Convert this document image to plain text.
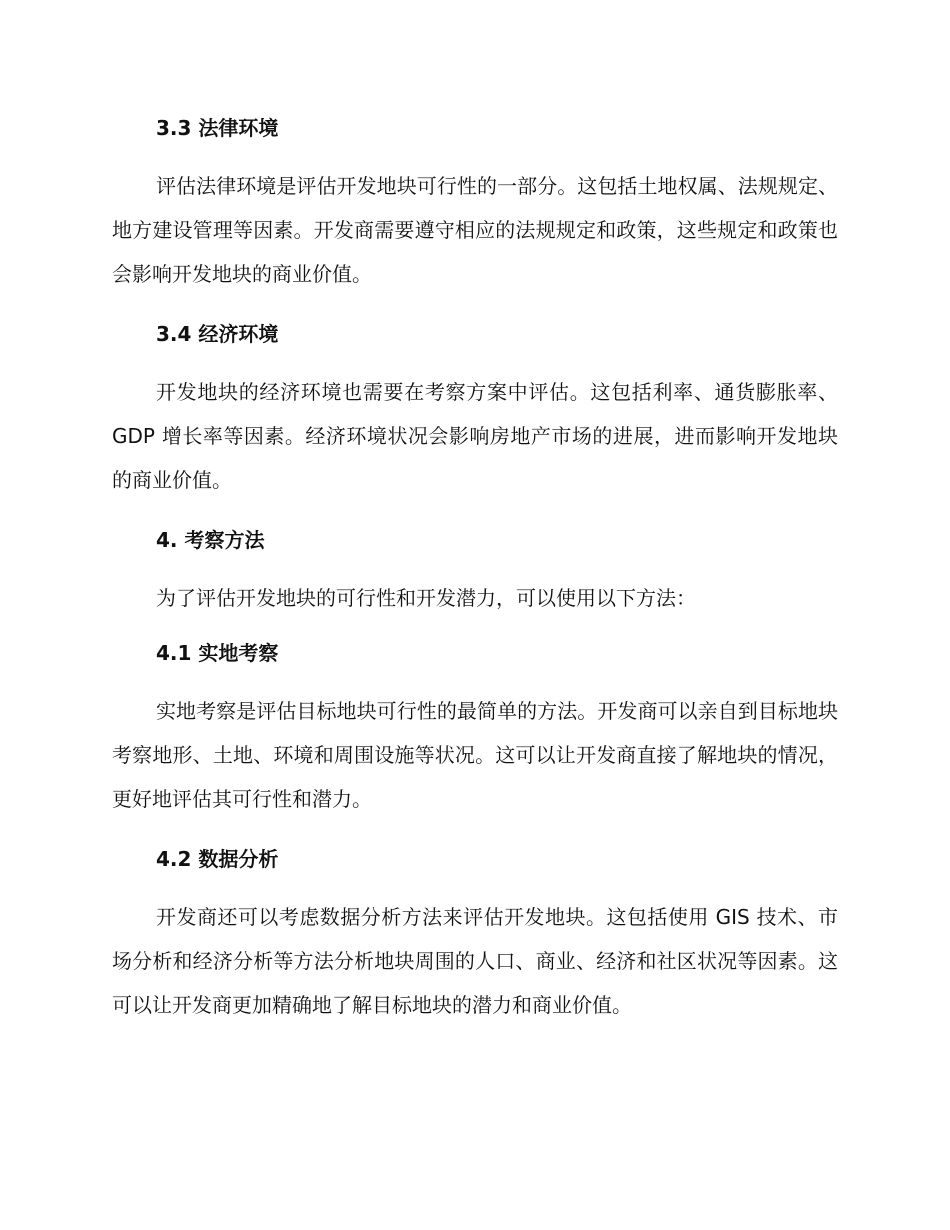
3.3 法律环境

评估法律环境是评估开发地块可行性的一部分。这包括土地权属、法规规定、地方建设管理等因素。开发商需要遵守相应的法规规定和政策，这些规定和政策也会影响开发地块的商业价值。

3.4 经济环境

开发地块的经济环境也需要在考察方案中评估。这包括利率、通货膨胀率、GDP 增长率等因素。经济环境状况会影响房地产市场的进展，进而影响开发地块的商业价值。

4. 考察方法

为了评估开发地块的可行性和开发潜力，可以使用以下方法：

4.1 实地考察

实地考察是评估目标地块可行性的最简单的方法。开发商可以亲自到目标地块考察地形、土地、环境和周围设施等状况。这可以让开发商直接了解地块的情况，更好地评估其可行性和潜力。

4.2 数据分析

开发商还可以考虑数据分析方法来评估开发地块。这包括使用 GIS 技术、市场分析和经济分析等方法分析地块周围的人口、商业、经济和社区状况等因素。这可以让开发商更加精确地了解目标地块的潜力和商业价值。
